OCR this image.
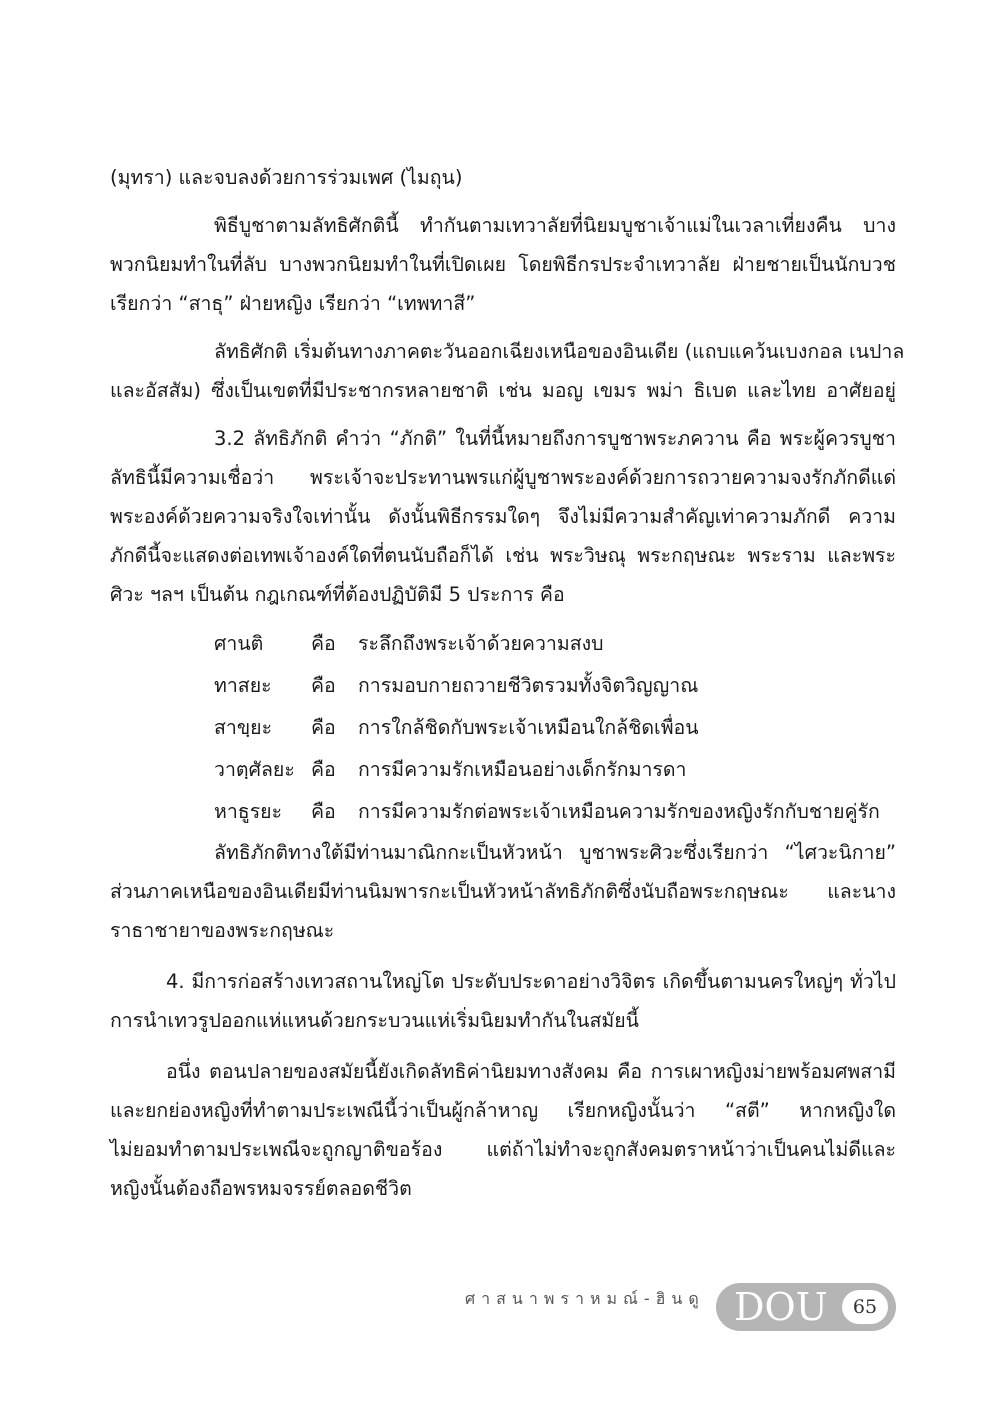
(มุทรา) และจบลงด้วยการร่วมเพศ (ไมถุน)
พิธีบูชาตามลัทธิศักตินี้ ทำกันตามเทวาลัยที่นิยมบูชาเจ้าแม่ในเวลาเที่ยงคืน บาง
พวกนิยมทำในที่ลับ บางพวกนิยมทำในที่เปิดเผย โดยพิธีกรประจำเทวาลัย ฝ่ายชายเป็นนักบวช
เรียกว่า “สาธุ” ฝ่ายหญิง เรียกว่า “เทพทาสี”
ลัทธิศักติ เริ่มต้นทางภาคตะวันออกเฉียงเหนือของอินเดีย (แถบแคว้นเบงกอล เนปาล
และอัสสัม) ซึ่งเป็นเขตที่มีประชากรหลายชาติ เช่น มอญ เขมร พม่า ธิเบต และไทย อาศัยอยู่
3.2 ลัทธิภักติ คำว่า “ภักติ” ในที่นี้หมายถึงการบูชาพระภควาน คือ พระผู้ควรบูชา
ลัทธินี้มีความเชื่อว่า พระเจ้าจะประทานพรแก่ผู้บูชาพระองค์ด้วยการถวายความจงรักภักดีแด่
พระองค์ด้วยความจริงใจเท่านั้น ดังนั้นพิธีกรรมใดๆ จึงไม่มีความสำคัญเท่าความภักดี ความ
ภักดีนี้จะแสดงต่อเทพเจ้าองค์ใดที่ตนนับถือก็ได้ เช่น พระวิษณุ พระกฤษณะ พระราม และพระ
ศิวะ ฯลฯ เป็นต้น กฎเกณฑ์ที่ต้องปฏิบัติมี 5 ประการ คือ
ศานติ	คือ	ระลึกถึงพระเจ้าด้วยความสงบ
ทาสยะ	คือ	การมอบกายถวายชีวิตรวมทั้งจิตวิญญาณ
สาขฺยะ	คือ	การใกล้ชิดกับพระเจ้าเหมือนใกล้ชิดเพื่อน
วาตฺศัลยะ คือ	การมีความรักเหมือนอย่างเด็กรักมารดา
หาธูรยะ	คือ	การมีความรักต่อพระเจ้าเหมือนความรักของหญิงรักกับชายคู่รัก
ลัทธิภักติทางใต้มีท่านมาณิกกะเป็นหัวหน้า บูชาพระศิวะซึ่งเรียกว่า “ไศวะนิกาย”
ส่วนภาคเหนือของอินเดียมีท่านนิมพารกะเป็นหัวหน้าลัทธิภักติซึ่งนับถือพระกฤษณะ และนาง
ราธาชายาของพระกฤษณะ
4. มีการก่อสร้างเทวสถานใหญ่โต ประดับประดาอย่างวิจิตร เกิดขึ้นตามนครใหญ่ๆ ทั่วไป
การนำเทวรูปออกแห่แหนด้วยกระบวนแห่เริ่มนิยมทำกันในสมัยนี้
อนึ่ง ตอนปลายของสมัยนี้ยังเกิดลัทธิค่านิยมทางสังคม คือ การเผาหญิงม่ายพร้อมศพสามี
และยกย่องหญิงที่ทำตามประเพณีนี้ว่าเป็นผู้กล้าหาญ เรียกหญิงนั้นว่า “สตี” หากหญิงใด
ไม่ยอมทำตามประเพณีจะถูกญาติขอร้อง แต่ถ้าไม่ทำจะถูกสังคมตราหน้าว่าเป็นคนไม่ดีและ
หญิงนั้นต้องถือพรหมจรรย์ตลอดชีวิต
ศาสนาพราหมณ์-ฮินดู DOU	65
